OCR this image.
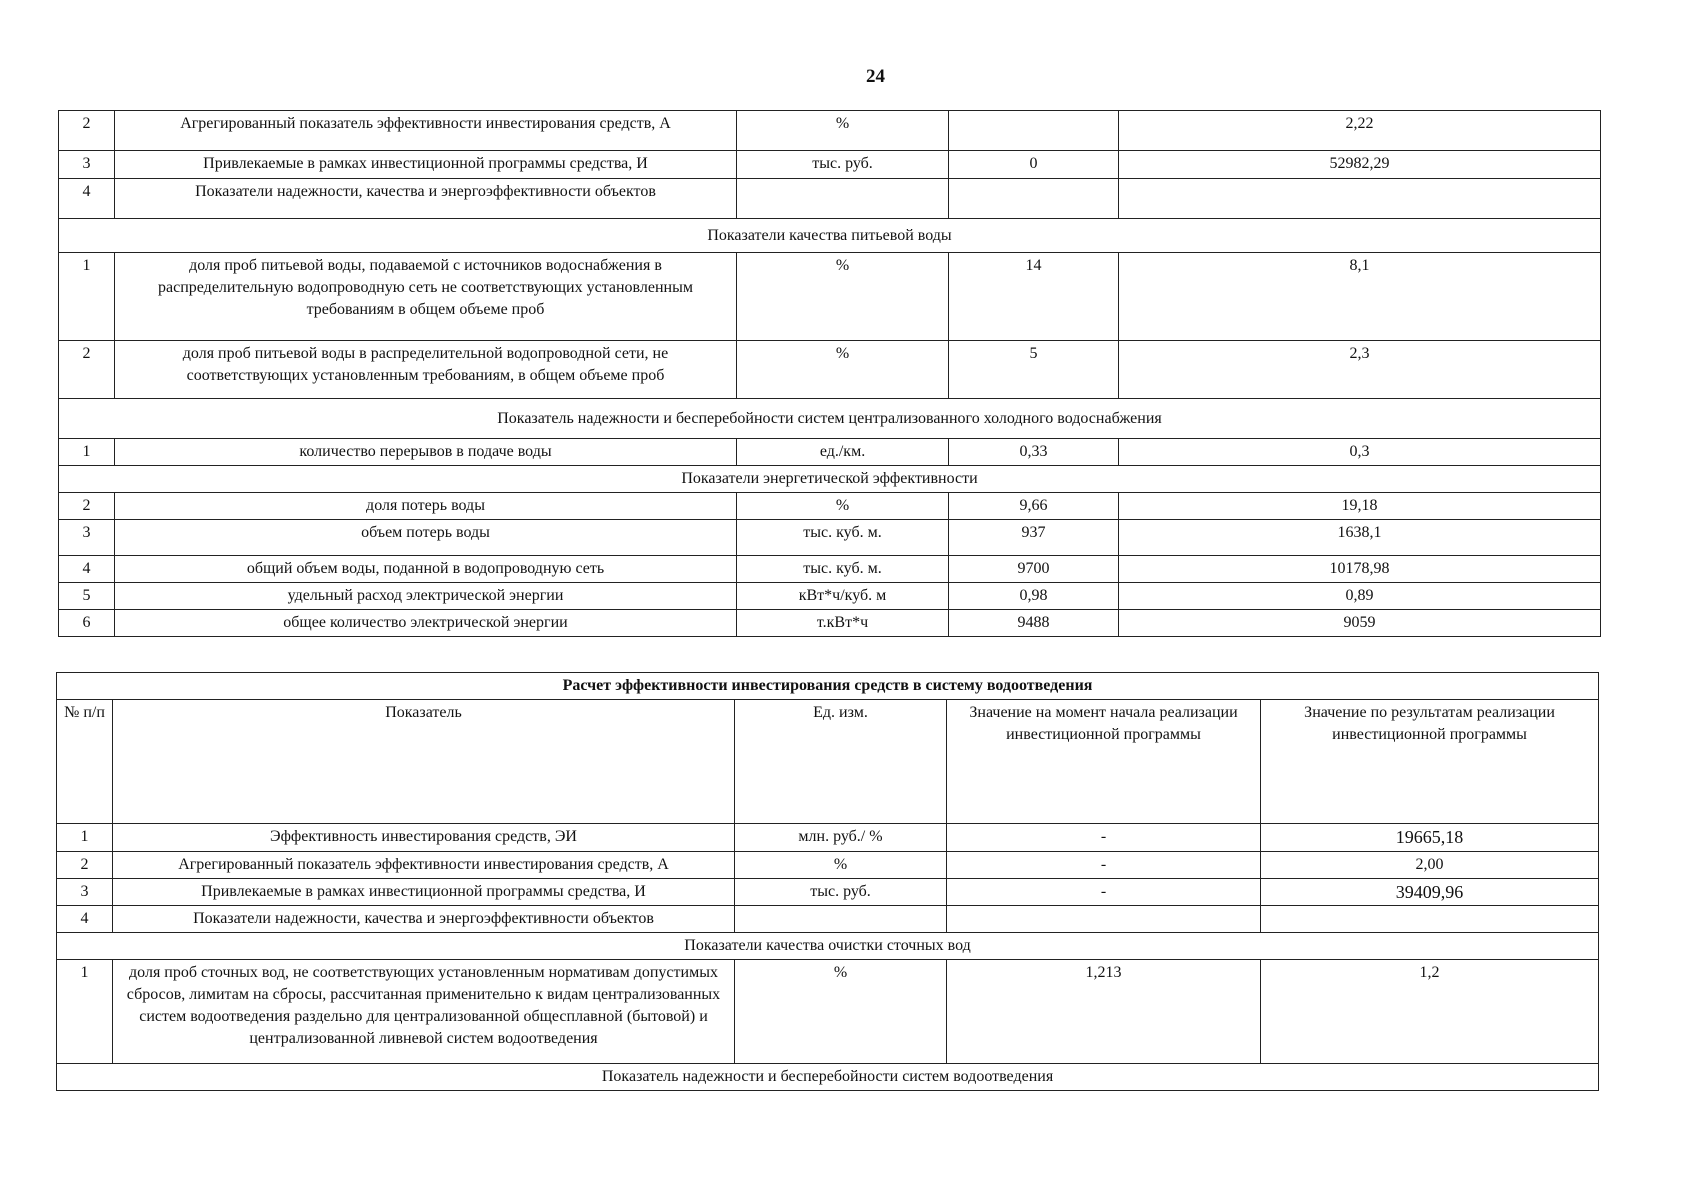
24
2	Агрегированный показатель эффективности инвестирования средств, А	%		2,22
3	Привлекаемые в рамках инвестиционной программы средства, И	тыс. руб.	0	52982,29
4	Показатели надежности, качества и энергоэффективности объектов			
Показатели качества питьевой воды				
1	доля проб питьевой воды, подаваемой с источников водоснабжения в распределительную водопроводную сеть не соответствующих установленным требованиям в общем объеме проб	%	14	8,1
2	доля проб питьевой воды в распределительной водопроводной сети, не соответствующих установленным требованиям, в общем объеме проб	%	5	2,3
Показатель надежности и бесперебойности систем централизованного холодного водоснабжения				
1	количество перерывов в подаче воды	ед./км.	0,33	0,3
Показатели энергетической эффективности				
2	доля потерь воды	%	9,66	19,18
3	объем потерь воды	тыс. куб. м.	937	1638,1
4	общий объем воды, поданной в водопроводную сеть	тыс. куб. м.	9700	10178,98
5	удельный расход электрической энергии	кВт*ч/куб. м	0,98	0,89
6	общее количество электрической энергии	т.кВт*ч	9488	9059
Расчет эффективности инвестирования средств в систему водоотведения				
№ п/п	Показатель	Ед. изм.	Значение на момент начала реализации инвестиционной программы	Значение по результатам реализации инвестиционной программы
1	Эффективность инвестирования средств, ЭИ	млн. руб./ %	-	19665,18
2	Агрегированный показатель эффективности инвестирования средств, А	%	-	2,00
3	Привлекаемые в рамках инвестиционной программы средства, И	тыс. руб.	-	39409,96
4	Показатели надежности, качества и энергоэффективности объектов			
Показатели качества очистки сточных вод				
1	доля проб сточных вод, не соответствующих установленным нормативам допустимых сбросов, лимитам на сбросы, рассчитанная применительно к видам централизованных систем водоотведения раздельно для централизованной общесплавной (бытовой) и централизованной ливневой систем водоотведения	%	1,213	1,2
Показатель надежности и бесперебойности систем водоотведения				
